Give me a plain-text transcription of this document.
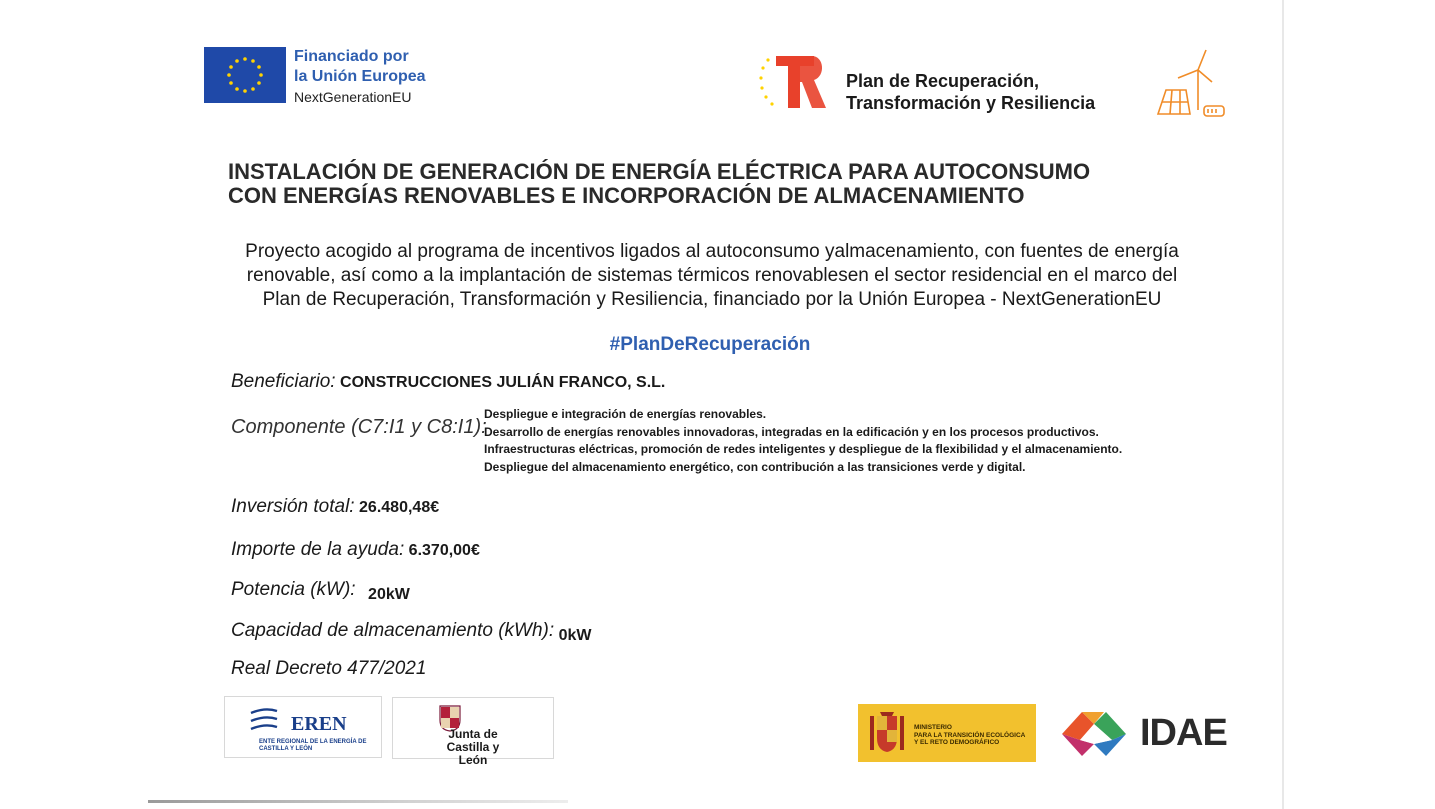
Financiado por
la Unión Europea
NextGenerationEU
Plan de Recuperación,
Transformación y Resiliencia
INSTALACIÓN DE GENERACIÓN DE ENERGÍA ELÉCTRICA PARA AUTOCONSUMO
CON ENERGÍAS RENOVABLES E INCORPORACIÓN DE ALMACENAMIENTO
Proyecto acogido al programa de incentivos ligados al autoconsumo yalmacenamiento, con fuentes de energía
renovable, así como a la implantación de sistemas térmicos renovablesen el sector residencial en el marco del
Plan de Recuperación, Transformación y Resiliencia, financiado por la Unión Europea - NextGenerationEU
#PlanDeRecuperación
Beneficiario: CONSTRUCCIONES JULIÁN FRANCO, S.L.
Componente (C7:I1 y C8:I1):
Despliegue e integración de energías renovables.
Desarrollo de energías renovables innovadoras, integradas en la edificación y en los procesos productivos.
Infraestructuras eléctricas, promoción de redes inteligentes y despliegue de la flexibilidad y el almacenamiento.
Despliegue del almacenamiento energético, con contribución a las transiciones verde y digital.
Inversión total: 26.480,48€
Importe de la ayuda: 6.370,00€
Potencia (kW): 20kW
Capacidad de almacenamiento (kWh): 0kW
Real Decreto 477/2021
EREN
ENTE REGIONAL DE LA ENERGÍA DE CASTILLA Y LEÓN
Junta de
Castilla y León
MINISTERIO
PARA LA TRANSICIÓN ECOLÓGICA
Y EL RETO DEMOGRÁFICO	IDAE
